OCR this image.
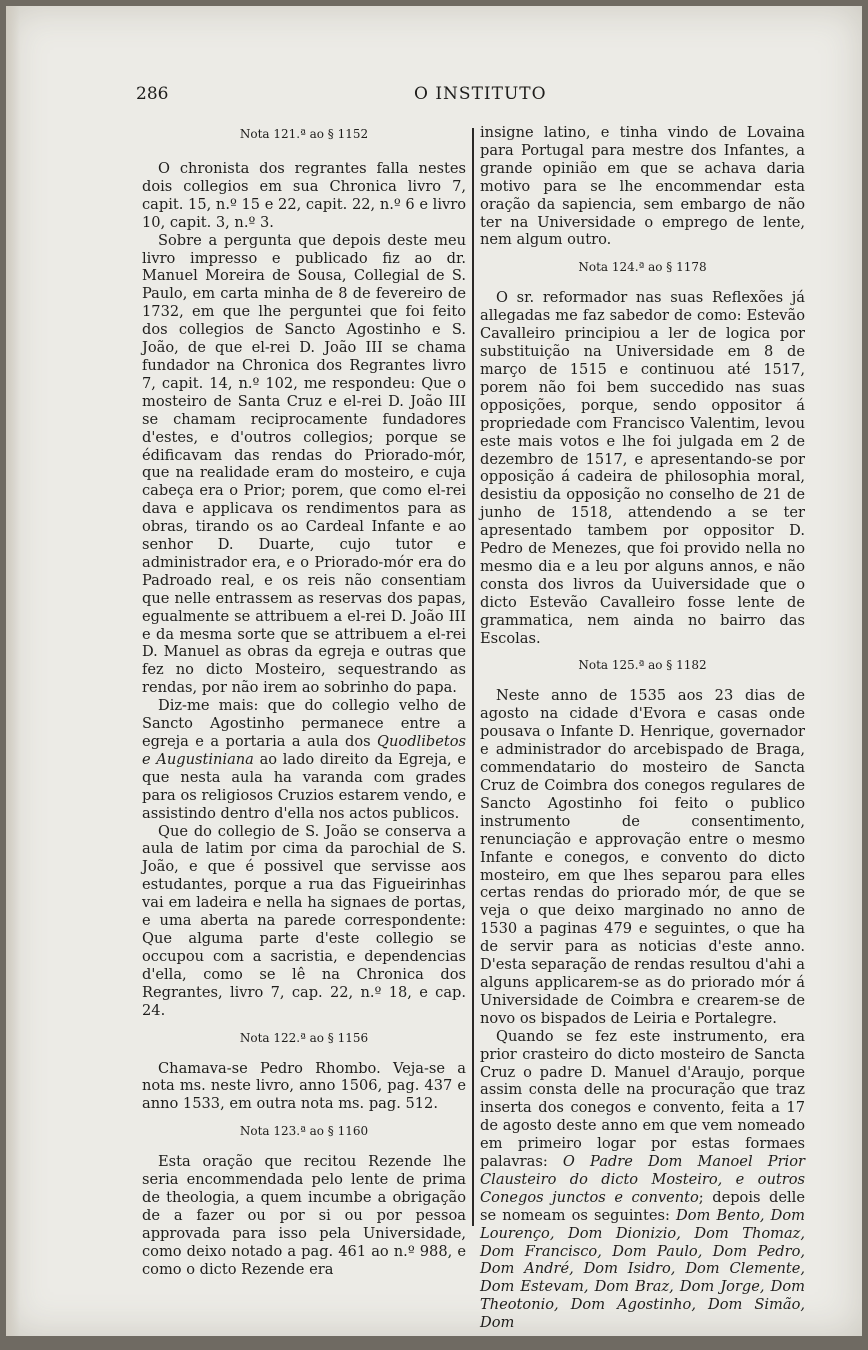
286	O INSTITUTO

Nota 121.ª ao § 1152

O chronista dos regrantes falla nestes dois collegios em sua Chronica livro 7, capit. 15, n.º 15 e 22, capit. 22, n.º 6 e livro 10, capit. 3, n.º 3.

Sobre a pergunta que depois deste meu livro impresso e publicado fiz ao dr. Manuel Moreira de Sousa, Collegial de S. Paulo, em carta minha de 8 de fevereiro de 1732, em que lhe perguntei que foi feito dos collegios de Sancto Agostinho e S. João, de que el-rei D. João III se chama fundador na Chronica dos Regrantes livro 7, capit. 14, n.º 102, me respondeu: Que o mosteiro de Santa Cruz e el-rei D. João III se chamam reciprocamente fundadores d'estes, e d'outros collegios; porque se édificavam das rendas do Priorado-mór, que na realidade eram do mosteiro, e cuja cabeça era o Prior; porem, que como el-rei dava e applicava os rendimentos para as obras, tirando os ao Cardeal Infante e ao senhor D. Duarte, cujo tutor e administrador era, e o Priorado-mór era do Padroado real, e os reis não consentiam que nelle entrassem as reservas dos papas, egualmente se attribuem a el-rei D. João III e da mesma sorte que se attribuem a el-rei D. Manuel as obras da egreja e outras que fez no dicto Mosteiro, sequestrando as rendas, por não irem ao sobrinho do papa.

Diz-me mais: que do collegio velho de Sancto Agostinho permanece entre a egreja e a portaria a aula dos Quodlibetos e Augustiniana ao lado direito da Egreja, e que nesta aula ha varanda com grades para os religiosos Cruzios estarem vendo, e assistindo dentro d'ella nos actos publicos.

Que do collegio de S. João se conserva a aula de latim por cima da parochial de S. João, e que é possivel que servisse aos estudantes, porque a rua das Figueirinhas vai em ladeira e nella ha signaes de portas, e uma aberta na parede correspondente: Que alguma parte d'este collegio se occupou com a sacristia, e dependencias d'ella, como se lê na Chronica dos Regrantes, livro 7, cap. 22, n.º 18, e cap. 24.

Nota 122.ª ao § 1156

Chamava-se Pedro Rhombo. Veja-se a nota ms. neste livro, anno 1506, pag. 437 e anno 1533, em outra nota ms. pag. 512.

Nota 123.ª ao § 1160

Esta oração que recitou Rezende lhe seria encommendada pelo lente de prima de theologia, a quem incumbe a obrigação de a fazer ou por si ou por pessoa approvada para isso pela Universidade, como deixo notado a pag. 461 ao n.º 988, e como o dicto Rezende era

insigne latino, e tinha vindo de Lovaina para Portugal para mestre dos Infantes, a grande opinião em que se achava daria motivo para se lhe encommendar esta oração da sapiencia, sem embargo de não ter na Universidade o emprego de lente, nem algum outro.

Nota 124.ª ao § 1178

O sr. reformador nas suas Reflexões já allegadas me faz sabedor de como: Estevão Cavalleiro principiou a ler de logica por substituição na Universidade em 8 de março de 1515 e continuou até 1517, porem não foi bem succedido nas suas opposições, porque, sendo oppositor á propriedade com Francisco Valentim, levou este mais votos e lhe foi julgada em 2 de dezembro de 1517, e apresentando-se por opposição á cadeira de philosophia moral, desistiu da opposição no conselho de 21 de junho de 1518, attendendo a se ter apresentado tambem por oppositor D. Pedro de Menezes, que foi provido nella no mesmo dia e a leu por alguns annos, e não consta dos livros da Uuiversidade que o dicto Estevão Cavalleiro fosse lente de grammatica, nem ainda no bairro das Escolas.

Nota 125.ª ao § 1182

Neste anno de 1535 aos 23 dias de agosto na cidade d'Evora e casas onde pousava o Infante D. Henrique, governador e administrador do arcebispado de Braga, commendatario do mosteiro de Sancta Cruz de Coimbra dos conegos regulares de Sancto Agostinho foi feito o publico instrumento de consentimento, renunciação e approvação entre o mesmo Infante e conegos, e convento do dicto mosteiro, em que lhes separou para elles certas rendas do priorado mór, de que se veja o que deixo marginado no anno de 1530 a paginas 479 e seguintes, o que ha de servir para as noticias d'este anno. D'esta separação de rendas resultou d'ahi a alguns applicarem-se as do priorado mór á Universidade de Coimbra e crearem-se de novo os bispados de Leiria e Portalegre.

Quando se fez este instrumento, era prior crasteiro do dicto mosteiro de Sancta Cruz o padre D. Manuel d'Araujo, porque assim consta delle na procuração que traz inserta dos conegos e convento, feita a 17 de agosto deste anno em que vem nomeado em primeiro logar por estas formaes palavras: O Padre Dom Manoel Prior Clausteiro do dicto Mosteiro, e outros Conegos junctos e convento; depois delle se nomeam os seguintes: Dom Bento, Dom Lourenço, Dom Dionizio, Dom Thomaz, Dom Francisco, Dom Paulo, Dom Pedro, Dom André, Dom Isidro, Dom Clemente, Dom Estevam, Dom Braz, Dom Jorge, Dom Theotonio, Dom Agostinho, Dom Simão, Dom
